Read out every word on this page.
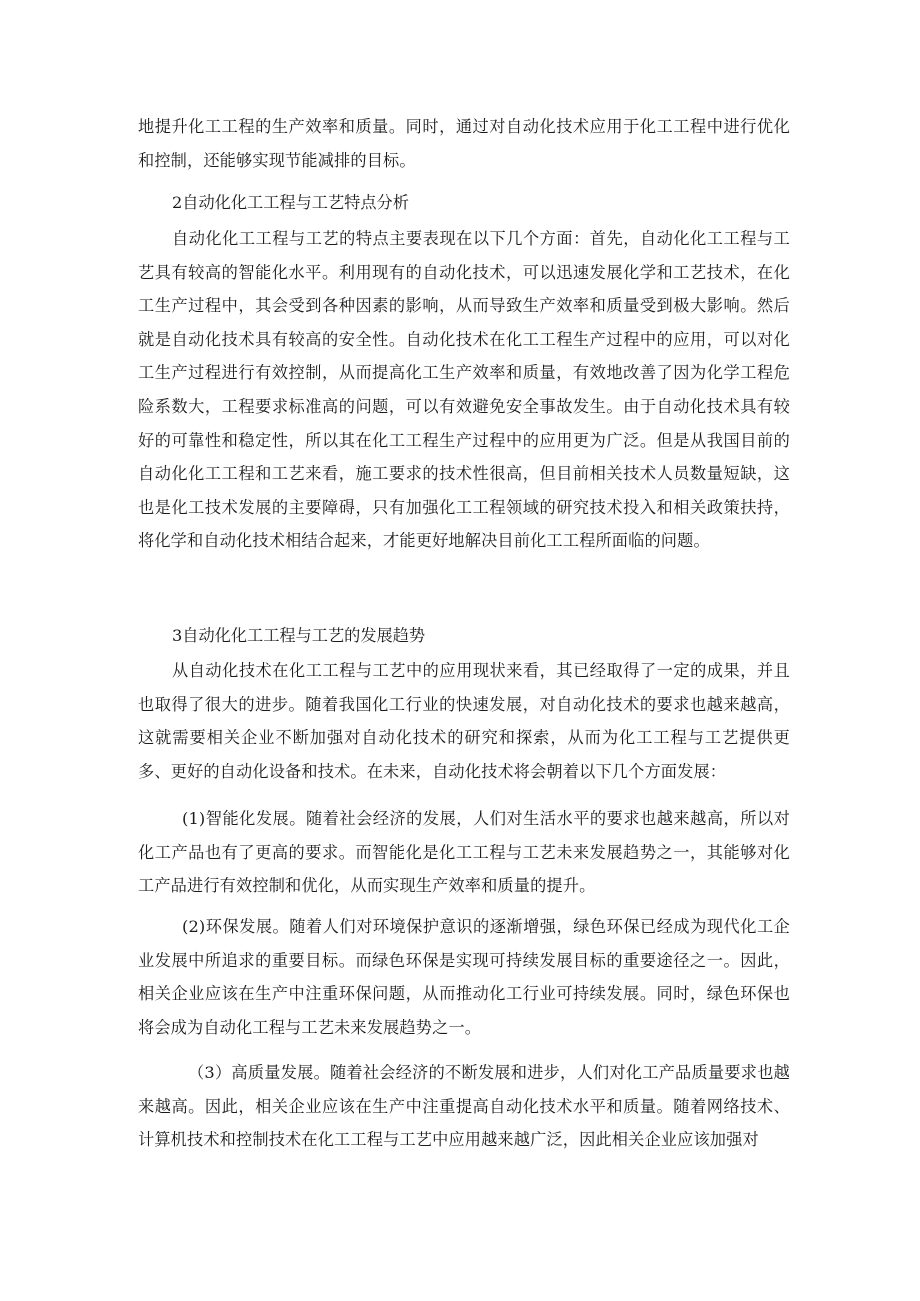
地提升化工工程的生产效率和质量。同时，通过对自动化技术应用于化工工程中进行优化和控制，还能够实现节能减排的目标。

2自动化化工工程与工艺特点分析

自动化化工工程与工艺的特点主要表现在以下几个方面：首先，自动化化工工程与工艺具有较高的智能化水平。利用现有的自动化技术，可以迅速发展化学和工艺技术，在化工生产过程中，其会受到各种因素的影响，从而导致生产效率和质量受到极大影响。然后就是自动化技术具有较高的安全性。自动化技术在化工工程生产过程中的应用，可以对化工生产过程进行有效控制，从而提高化工生产效率和质量，有效地改善了因为化学工程危险系数大，工程要求标准高的问题，可以有效避免安全事故发生。由于自动化技术具有较好的可靠性和稳定性，所以其在化工工程生产过程中的应用更为广泛。但是从我国目前的自动化化工工程和工艺来看，施工要求的技术性很高，但目前相关技术人员数量短缺，这也是化工技术发展的主要障碍，只有加强化工工程领域的研究技术投入和相关政策扶持，将化学和自动化技术相结合起来，才能更好地解决目前化工工程所面临的问题。

3自动化化工工程与工艺的发展趋势

从自动化技术在化工工程与工艺中的应用现状来看，其已经取得了一定的成果，并且也取得了很大的进步。随着我国化工行业的快速发展，对自动化技术的要求也越来越高，这就需要相关企业不断加强对自动化技术的研究和探索，从而为化工工程与工艺提供更多、更好的自动化设备和技术。在未来，自动化技术将会朝着以下几个方面发展：

(1)智能化发展。随着社会经济的发展，人们对生活水平的要求也越来越高，所以对化工产品也有了更高的要求。而智能化是化工工程与工艺未来发展趋势之一，其能够对化工产品进行有效控制和优化，从而实现生产效率和质量的提升。

(2)环保发展。随着人们对环境保护意识的逐渐增强，绿色环保已经成为现代化工企业发展中所追求的重要目标。而绿色环保是实现可持续发展目标的重要途径之一。因此，相关企业应该在生产中注重环保问题，从而推动化工行业可持续发展。同时，绿色环保也将会成为自动化工程与工艺未来发展趋势之一。

（3）高质量发展。随着社会经济的不断发展和进步，人们对化工产品质量要求也越来越高。因此，相关企业应该在生产中注重提高自动化技术水平和质量。随着网络技术、计算机技术和控制技术在化工工程与工艺中应用越来越广泛，因此相关企业应该加强对
